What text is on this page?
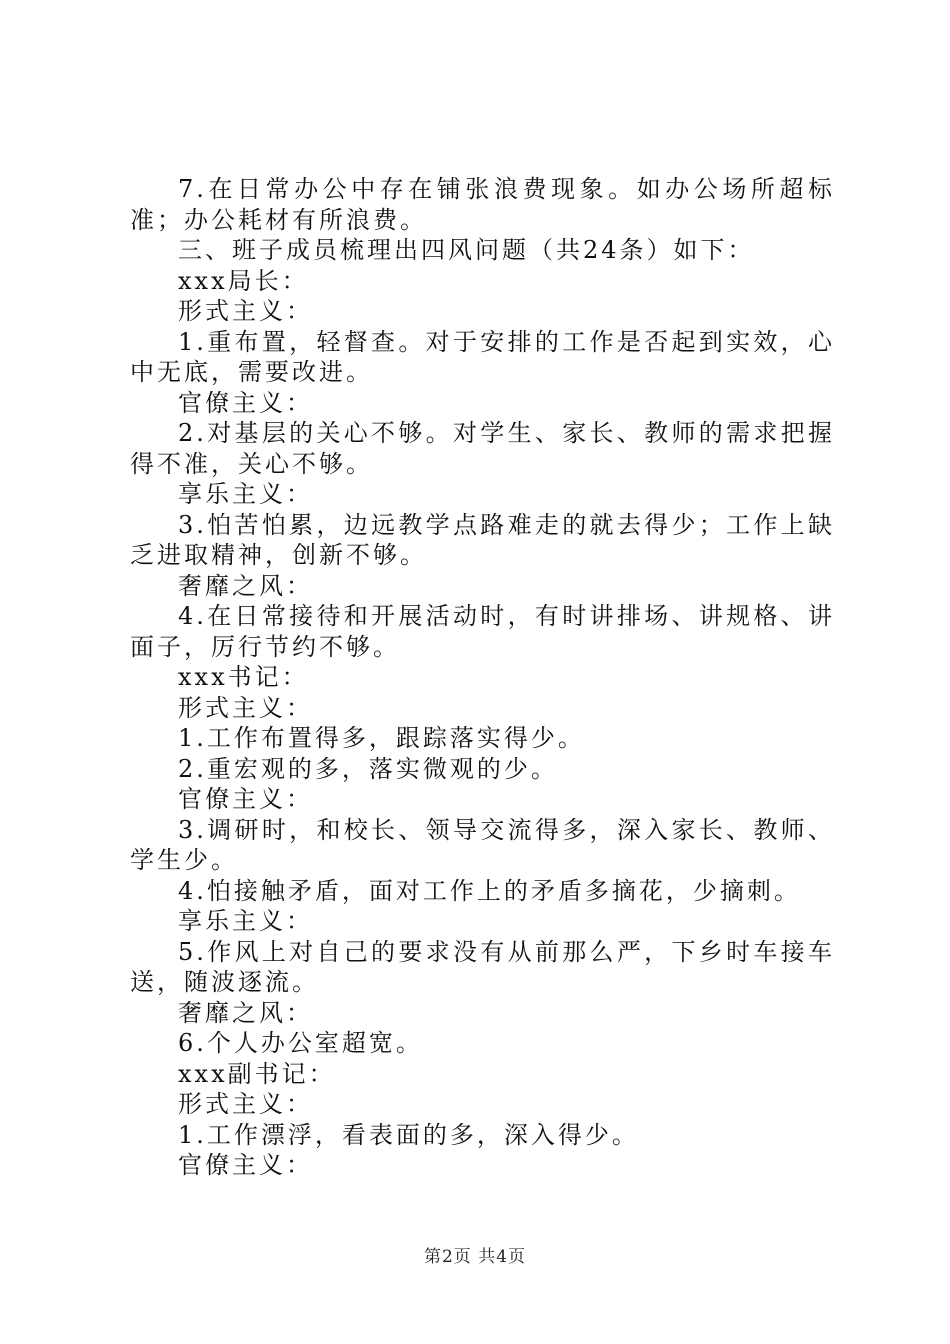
7.在日常办公中存在铺张浪费现象。如办公场所超标准；办公耗材有所浪费。

三、班子成员梳理出四风问题（共24条）如下：

xxx局长：

形式主义：

1.重布置，轻督查。对于安排的工作是否起到实效，心中无底，需要改进。

官僚主义：

2.对基层的关心不够。对学生、家长、教师的需求把握得不准，关心不够。

享乐主义：

3.怕苦怕累，边远教学点路难走的就去得少；工作上缺乏进取精神，创新不够。

奢靡之风：

4.在日常接待和开展活动时，有时讲排场、讲规格、讲面子，厉行节约不够。

xxx书记：

形式主义：

1.工作布置得多，跟踪落实得少。

2.重宏观的多，落实微观的少。

官僚主义：

3.调研时，和校长、领导交流得多，深入家长、教师、学生少。

4.怕接触矛盾，面对工作上的矛盾多摘花，少摘刺。

享乐主义：

5.作风上对自己的要求没有从前那么严，下乡时车接车送，随波逐流。

奢靡之风：

6.个人办公室超宽。

xxx副书记：

形式主义：

1.工作漂浮，看表面的多，深入得少。

官僚主义：

第2页 共4页
